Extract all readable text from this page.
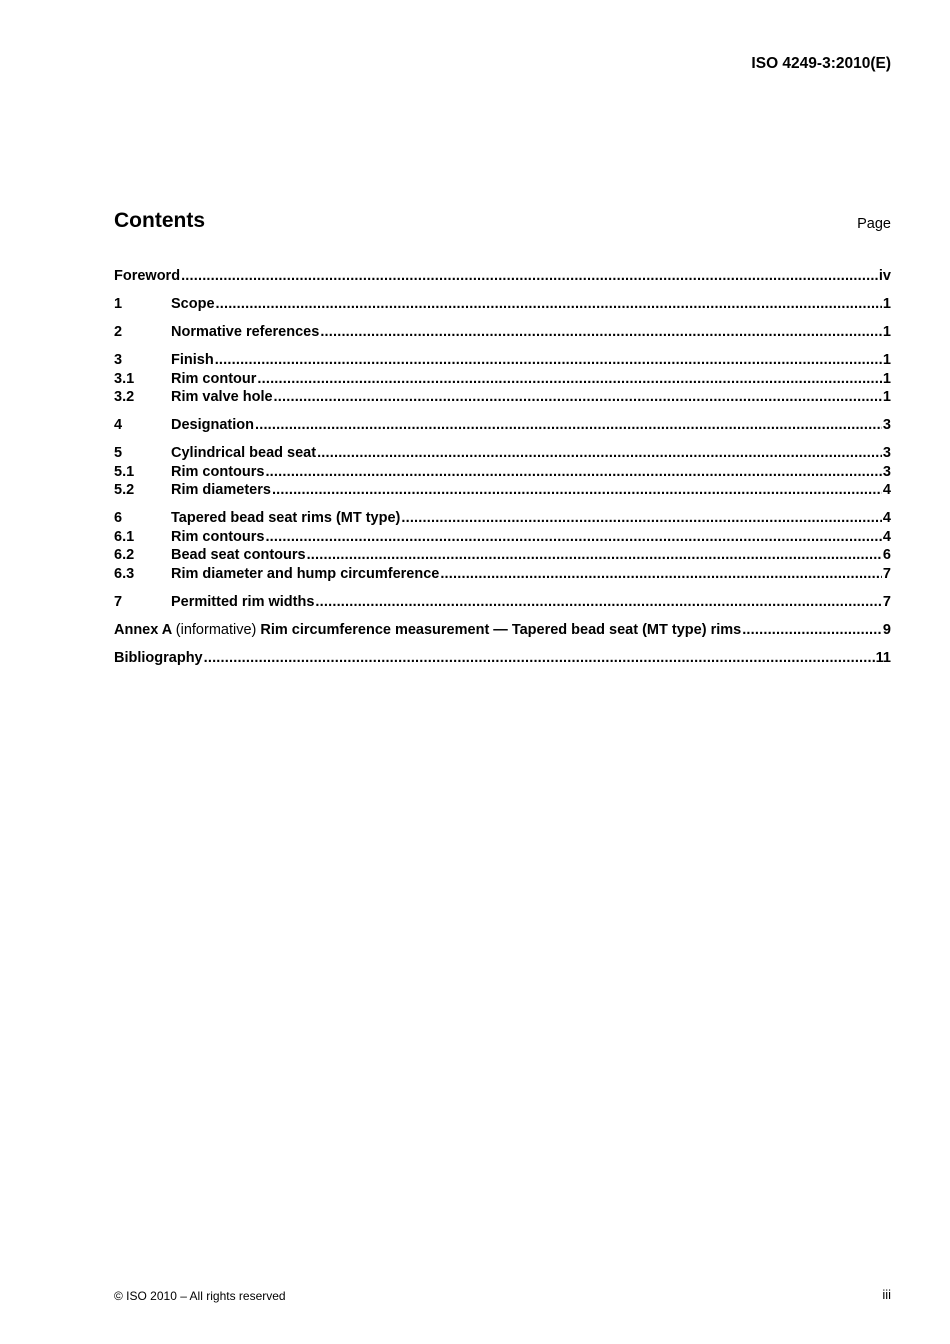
ISO 4249-3:2010(E)
Contents	Page
Foreword .....	iv
1	Scope .....	1
2	Normative references .....	1
3	Finish .....	1
3.1	Rim contour .....	1
3.2	Rim valve hole .....	1
4	Designation .....	3
5	Cylindrical bead seat .....	3
5.1	Rim contours .....	3
5.2	Rim diameters .....	4
6	Tapered bead seat rims (MT type) .....	4
6.1	Rim contours .....	4
6.2	Bead seat contours .....	6
6.3	Rim diameter and hump circumference .....	7
7	Permitted rim widths .....	7
Annex A (informative) Rim circumference measurement — Tapered bead seat (MT type) rims .....	9
Bibliography .....	11
© ISO 2010 – All rights reserved	iii
